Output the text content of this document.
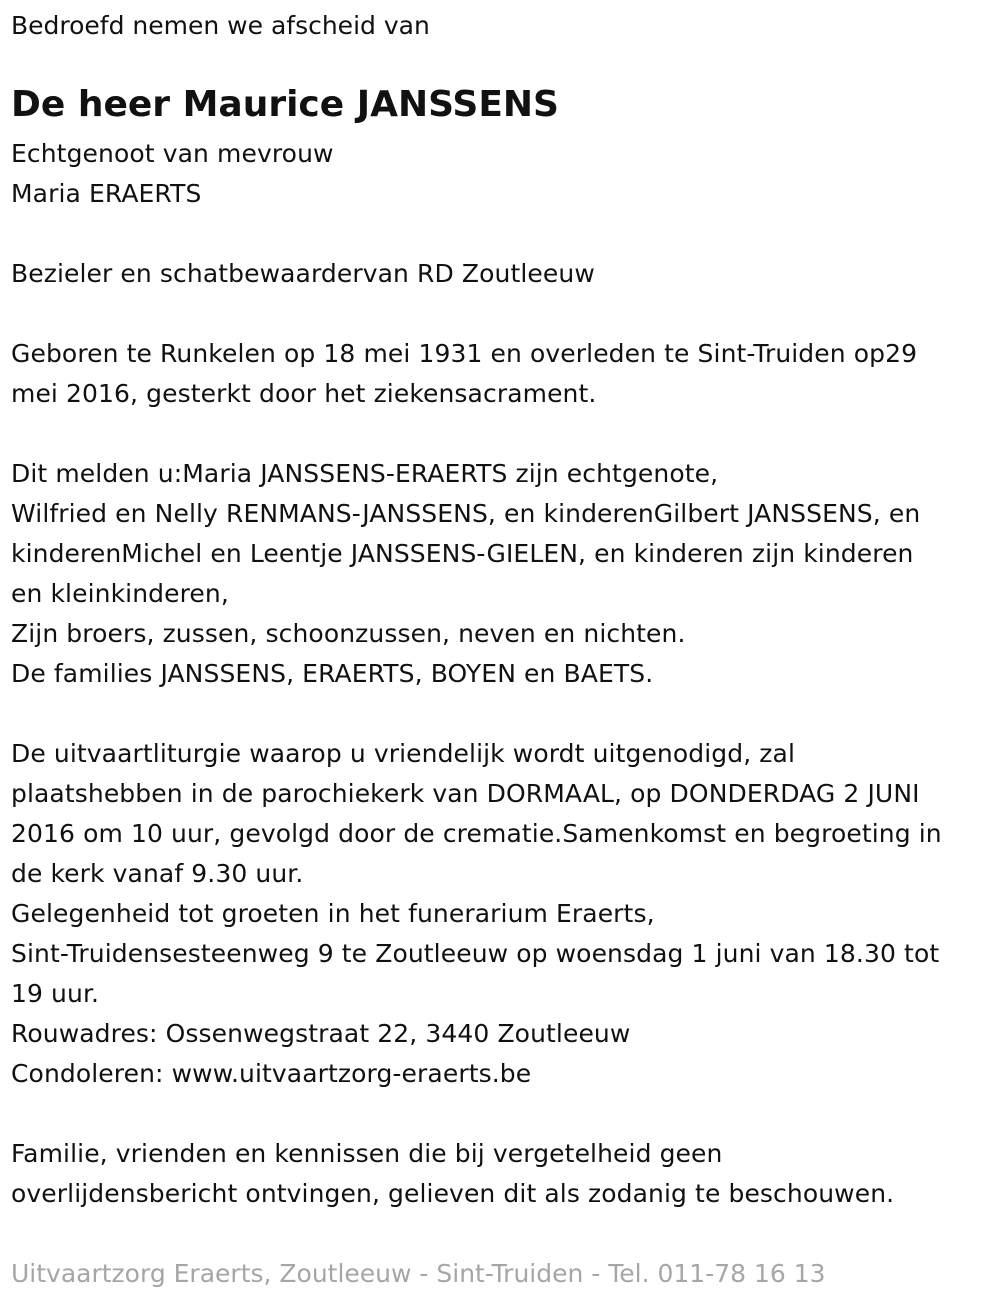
Bedroefd nemen we afscheid van
De heer Maurice JANSSENS
Echtgenoot van mevrouw
Maria ERAERTS
Bezieler en schatbewaardervan RD Zoutleeuw
Geboren te Runkelen op 18 mei 1931 en overleden te Sint-Truiden op29
mei 2016, gesterkt door het ziekensacrament.
Dit melden u:Maria JANSSENS-ERAERTS zijn echtgenote,
Wilfried en Nelly RENMANS-JANSSENS, en kinderenGilbert JANSSENS, en
kinderenMichel en Leentje JANSSENS-GIELEN, en kinderen zijn kinderen
en kleinkinderen,
Zijn broers, zussen, schoonzussen, neven en nichten.
De families JANSSENS, ERAERTS, BOYEN en BAETS.
De uitvaartliturgie waarop u vriendelijk wordt uitgenodigd, zal
plaatshebben in de parochiekerk van DORMAAL, op DONDERDAG 2 JUNI
2016 om 10 uur, gevolgd door de crematie.Samenkomst en begroeting in
de kerk vanaf 9.30 uur.
Gelegenheid tot groeten in het funerarium Eraerts,
Sint-Truidensesteenweg 9 te Zoutleeuw op woensdag 1 juni van 18.30 tot
19 uur.
Rouwadres: Ossenwegstraat 22, 3440 Zoutleeuw
Condoleren: www.uitvaartzorg-eraerts.be
Familie, vrienden en kennissen die bij vergetelheid geen
overlijdensbericht ontvingen, gelieven dit als zodanig te beschouwen.
Uitvaartzorg Eraerts, Zoutleeuw - Sint-Truiden - Tel. 011-78 16 13
